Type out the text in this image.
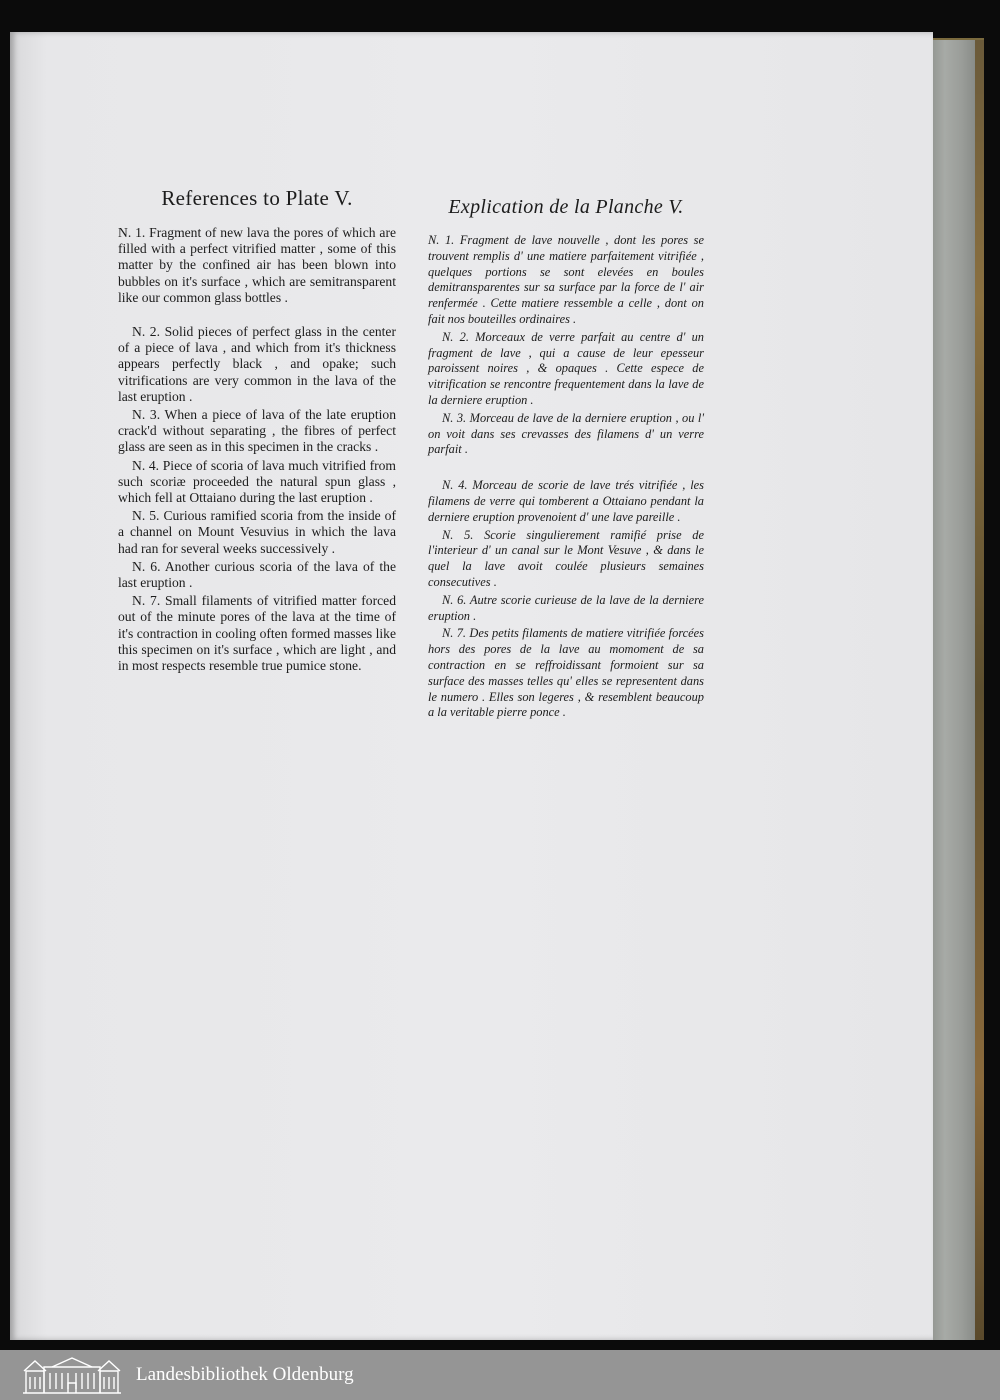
References to Plate V.

N. 1. Fragment of new lava the pores of which are filled with a perfect vitrified matter , some of this matter by the confined air has been blown into bubbles on it's surface , which are semitransparent like our common glass bottles .

N. 2. Solid pieces of perfect glass in the center of a piece of lava , and which from it's thickness appears perfectly black , and opake; such vitrifications are very common in the lava of the last eruption .

N. 3. When a piece of lava of the late eruption crack'd without separating , the fibres of perfect glass are seen as in this specimen in the cracks .

N. 4. Piece of scoria of lava much vitrified from such scoriæ proceeded the natural spun glass , which fell at Ottaiano during the last eruption .

N. 5. Curious ramified scoria from the inside of a channel on Mount Vesuvius in which the lava had ran for several weeks successively .

N. 6. Another curious scoria of the lava of the last eruption .

N. 7. Small filaments of vitrified matter forced out of the minute pores of the lava at the time of it's contraction in cooling often formed masses like this specimen on it's surface , which are light , and in most respects resemble true pumice stone.

Explication de la Planche V.

N. 1. Fragment de lave nouvelle , dont les pores se trouvent remplis d' une matiere parfaitement vitrifiée , quelques portions se sont elevées en boules demitransparentes sur sa surface par la force de l' air renfermée . Cette matiere ressemble a celle , dont on fait nos bouteilles ordinaires .

N. 2. Morceaux de verre parfait au centre d' un fragment de lave , qui a cause de leur epesseur paroissent noires , & opaques . Cette espece de vitrification se rencontre frequentement dans la lave de la derniere eruption .

N. 3. Morceau de lave de la derniere eruption , ou l' on voit dans ses crevasses des filamens d' un verre parfait .

N. 4. Morceau de scorie de lave trés vitrifiée , les filamens de verre qui tomberent a Ottaiano pendant la derniere eruption provenoient d' une lave pareille .

N. 5. Scorie singulierement ramifié prise de l'interieur d' un canal sur le Mont Vesuve , & dans le quel la lave avoit coulée plusieurs semaines consecutives .

N. 6. Autre scorie curieuse de la lave de la derniere eruption .

N. 7. Des petits filaments de matiere vitrifiée forcées hors des pores de la lave au momoment de sa contraction en se reffroidissant formoient sur sa surface des masses telles qu' elles se representent dans le numero . Elles son legeres , & resemblent beaucoup a la veritable pierre ponce .

Landesbibliothek Oldenburg
